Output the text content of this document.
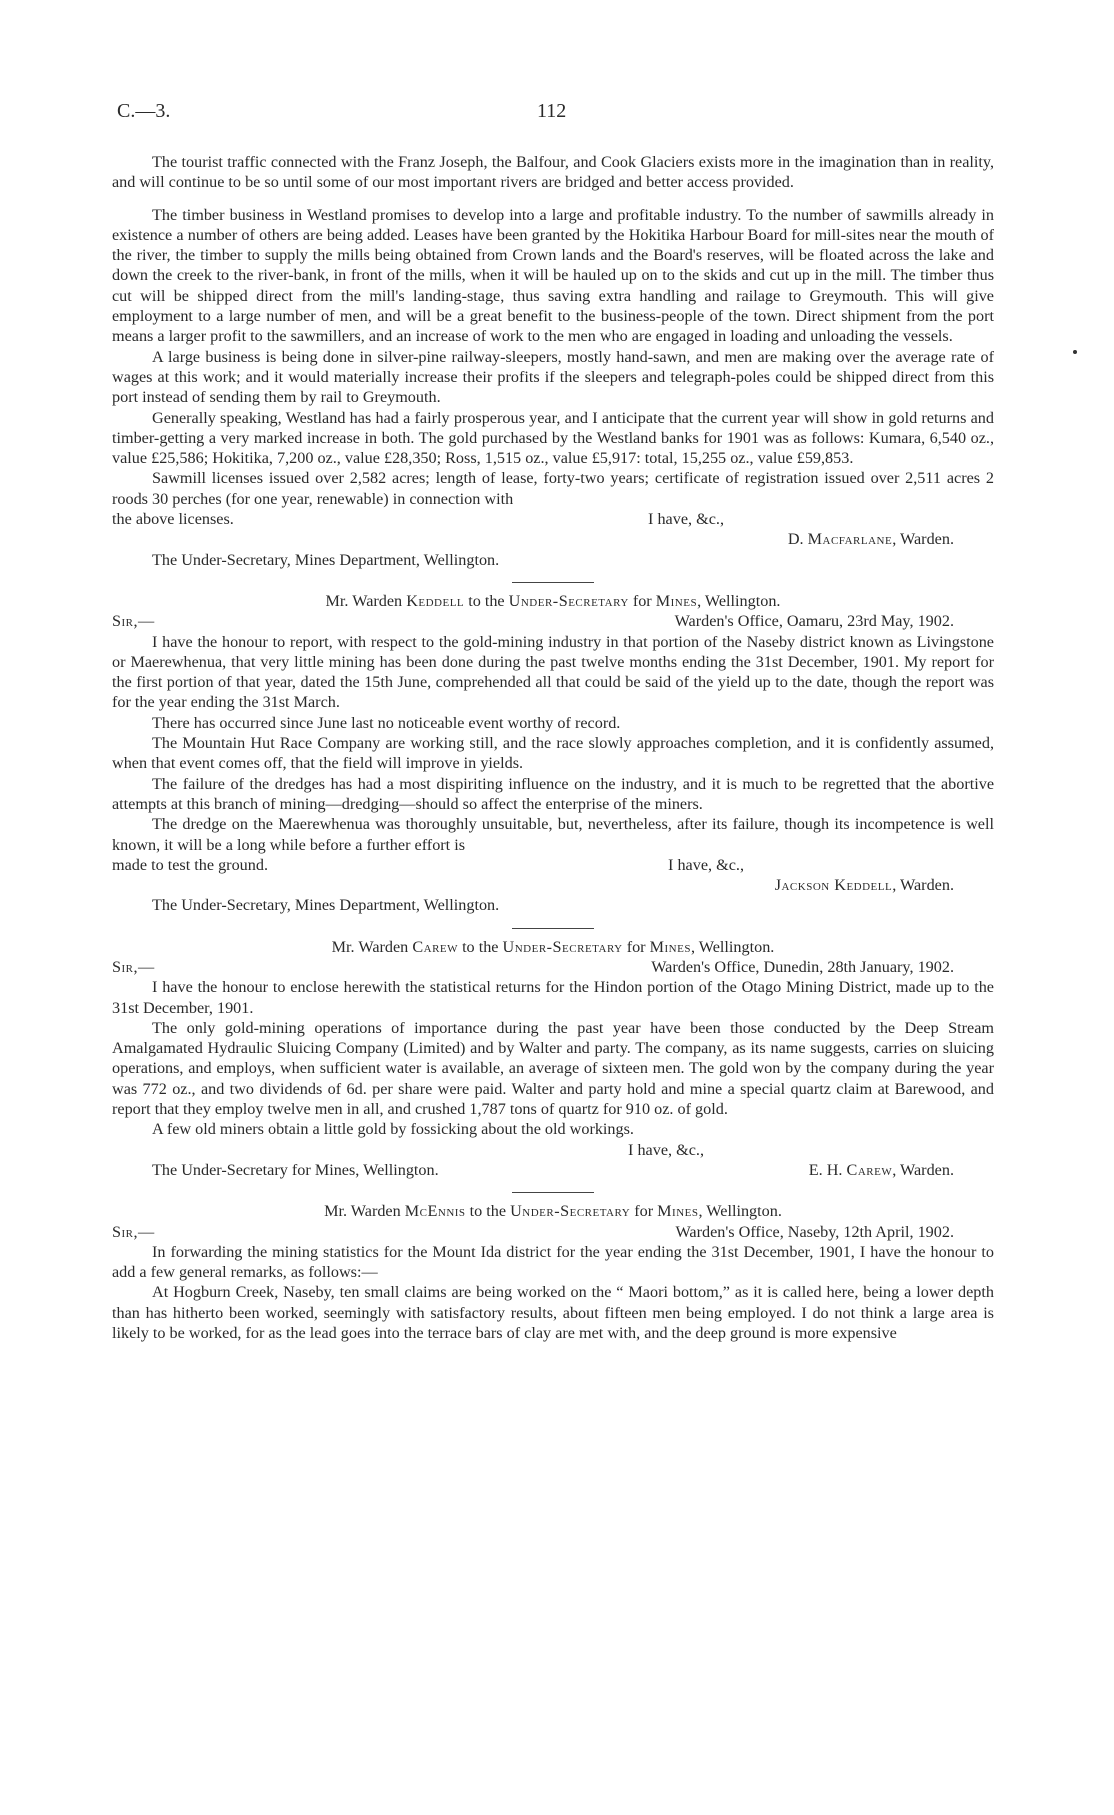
C.—3.	112

The tourist traffic connected with the Franz Joseph, the Balfour, and Cook Glaciers exists more in the imagination than in reality, and will continue to be so until some of our most important rivers are bridged and better access provided.

The timber business in Westland promises to develop into a large and profitable industry. To the number of sawmills already in existence a number of others are being added. Leases have been granted by the Hokitika Harbour Board for mill-sites near the mouth of the river, the timber to supply the mills being obtained from Crown lands and the Board's reserves, will be floated across the lake and down the creek to the river-bank, in front of the mills, when it will be hauled up on to the skids and cut up in the mill. The timber thus cut will be shipped direct from the mill's landing-stage, thus saving extra handling and railage to Greymouth. This will give employment to a large number of men, and will be a great benefit to the business-people of the town. Direct shipment from the port means a larger profit to the sawmillers, and an increase of work to the men who are engaged in loading and unloading the vessels.

A large business is being done in silver-pine railway-sleepers, mostly hand-sawn, and men are making over the average rate of wages at this work; and it would materially increase their profits if the sleepers and telegraph-poles could be shipped direct from this port instead of sending them by rail to Greymouth.

Generally speaking, Westland has had a fairly prosperous year, and I anticipate that the current year will show in gold returns and timber-getting a very marked increase in both. The gold purchased by the Westland banks for 1901 was as follows: Kumara, 6,540 oz., value £25,586; Hokitika, 7,200 oz., value £28,350; Ross, 1,515 oz., value £5,917: total, 15,255 oz., value £59,853.

Sawmill licenses issued over 2,582 acres; length of lease, forty-two years; certificate of registration issued over 2,511 acres 2 roods 30 perches (for one year, renewable) in connection with

the above licenses.	I have, &c.,
D. Macfarlane, Warden.
The Under-Secretary, Mines Department, Wellington.
Mr. Warden Keddell to the Under-Secretary for Mines, Wellington.
Sir,—	Warden's Office, Oamaru, 23rd May, 1902.

I have the honour to report, with respect to the gold-mining industry in that portion of the Naseby district known as Livingstone or Maerewhenua, that very little mining has been done during the past twelve months ending the 31st December, 1901. My report for the first portion of that year, dated the 15th June, comprehended all that could be said of the yield up to the date, though the report was for the year ending the 31st March.

There has occurred since June last no noticeable event worthy of record.

The Mountain Hut Race Company are working still, and the race slowly approaches completion, and it is confidently assumed, when that event comes off, that the field will improve in yields.

The failure of the dredges has had a most dispiriting influence on the industry, and it is much to be regretted that the abortive attempts at this branch of mining—dredging—should so affect the enterprise of the miners.

The dredge on the Maerewhenua was thoroughly unsuitable, but, nevertheless, after its failure, though its incompetence is well known, it will be a long while before a further effort is

made to test the ground.	I have, &c.,
Jackson Keddell, Warden.
The Under-Secretary, Mines Department, Wellington.
Mr. Warden Carew to the Under-Secretary for Mines, Wellington.
Sir,—	Warden's Office, Dunedin, 28th January, 1902.

I have the honour to enclose herewith the statistical returns for the Hindon portion of the Otago Mining District, made up to the 31st December, 1901.

The only gold-mining operations of importance during the past year have been those conducted by the Deep Stream Amalgamated Hydraulic Sluicing Company (Limited) and by Walter and party. The company, as its name suggests, carries on sluicing operations, and employs, when sufficient water is available, an average of sixteen men. The gold won by the company during the year was 772 oz., and two dividends of 6d. per share were paid. Walter and party hold and mine a special quartz claim at Barewood, and report that they employ twelve men in all, and crushed 1,787 tons of quartz for 910 oz. of gold.

A few old miners obtain a little gold by fossicking about the old workings.

I have, &c.,
The Under-Secretary for Mines, Wellington.	E. H. Carew, Warden.
Mr. Warden McEnnis to the Under-Secretary for Mines, Wellington.
Sir,—	Warden's Office, Naseby, 12th April, 1902.

In forwarding the mining statistics for the Mount Ida district for the year ending the 31st December, 1901, I have the honour to add a few general remarks, as follows:—

At Hogburn Creek, Naseby, ten small claims are being worked on the “ Maori bottom,” as it is called here, being a lower depth than has hitherto been worked, seemingly with satisfactory results, about fifteen men being employed. I do not think a large area is likely to be worked, for as the lead goes into the terrace bars of clay are met with, and the deep ground is more expensive
